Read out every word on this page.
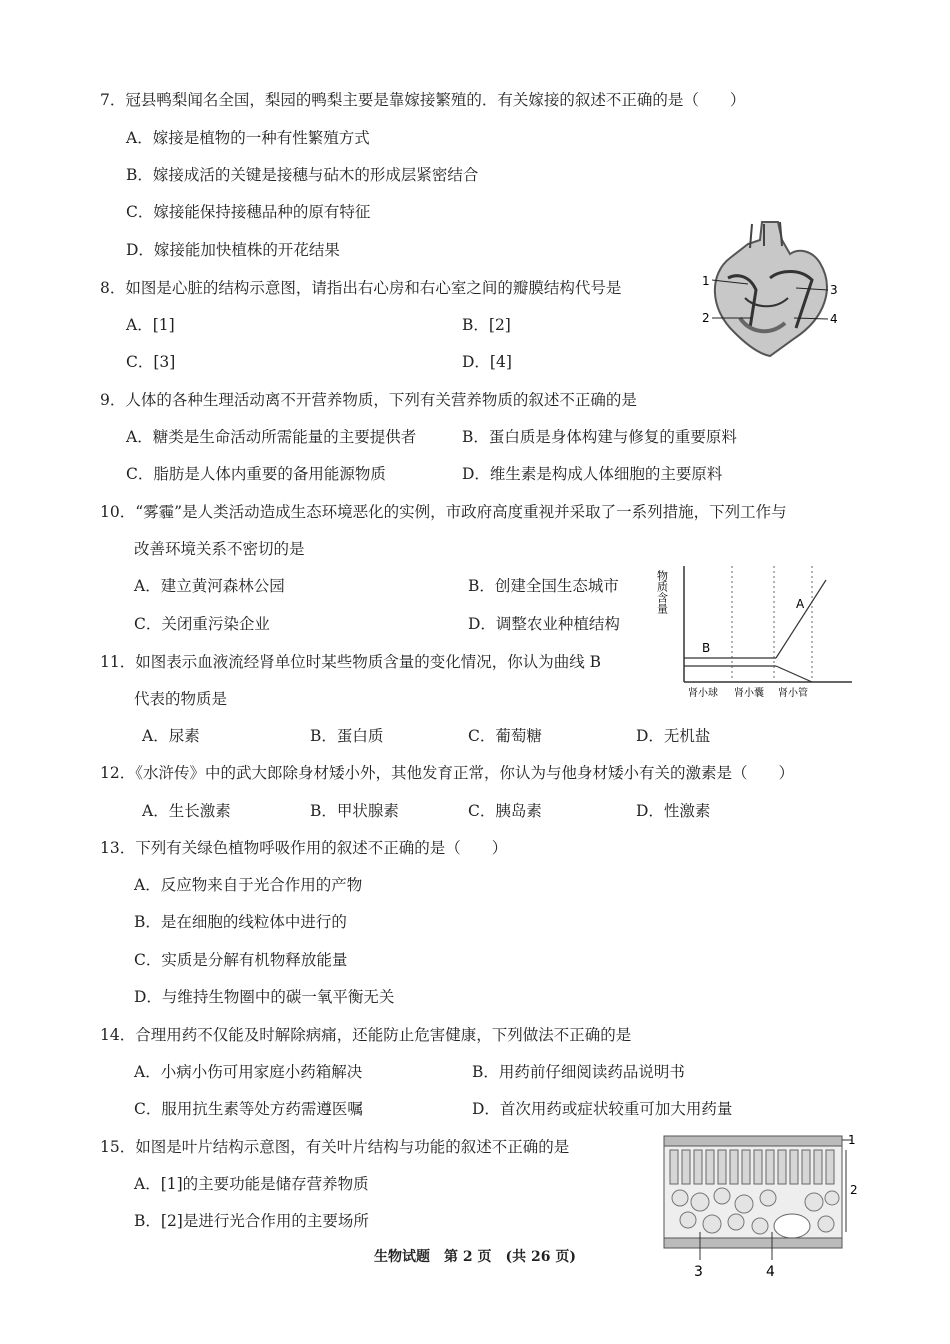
7．冠县鸭梨闻名全国，梨园的鸭梨主要是靠嫁接繁殖的．有关嫁接的叙述不正确的是（　　）
A．嫁接是植物的一种有性繁殖方式
B．嫁接成活的关键是接穗与砧木的形成层紧密结合
C．嫁接能保持接穗品种的原有特征
D．嫁接能加快植株的开花结果
8．如图是心脏的结构示意图，请指出右心房和右心室之间的瓣膜结构代号是
A．[1]	B．[2]
C．[3]	D．[4]
1
2
3
4
9．人体的各种生理活动离不开营养物质，下列有关营养物质的叙述不正确的是
A．糖类是生命活动所需能量的主要提供者	B．蛋白质是身体构建与修复的重要原料
C．脂肪是人体内重要的备用能源物质	D．维生素是构成人体细胞的主要原料
10．“雾霾”是人类活动造成生态环境恶化的实例，市政府高度重视并采取了一系列措施，下列工作与
改善环境关系不密切的是
A．建立黄河森林公园	B．创建全国生态城市
C．关闭重污染企业	D．调整农业种植结构
物质含量
B
A
肾小球 肾小囊 肾小管
11．如图表示血液流经肾单位时某些物质含量的变化情况，你认为曲线 B
代表的物质是
A．尿素	B．蛋白质	C．葡萄糖	D．无机盐
12．《水浒传》中的武大郎除身材矮小外，其他发育正常，你认为与他身材矮小有关的激素是（　　）
A．生长激素	B．甲状腺素	C．胰岛素	D．性激素
13．下列有关绿色植物呼吸作用的叙述不正确的是（　　）
A．反应物来自于光合作用的产物
B．是在细胞的线粒体中进行的
C．实质是分解有机物释放能量
D．与维持生物圈中的碳一氧平衡无关
14．合理用药不仅能及时解除病痛，还能防止危害健康，下列做法不正确的是
A．小病小伤可用家庭小药箱解决	B．用药前仔细阅读药品说明书
C．服用抗生素等处方药需遵医嘱	D．首次用药或症状较重可加大用药量
15．如图是叶片结构示意图，有关叶片结构与功能的叙述不正确的是
A．[1]的主要功能是储存营养物质
B．[2]是进行光合作用的主要场所
1
2
3	4
生物试题　第 2 页　(共 26 页)
